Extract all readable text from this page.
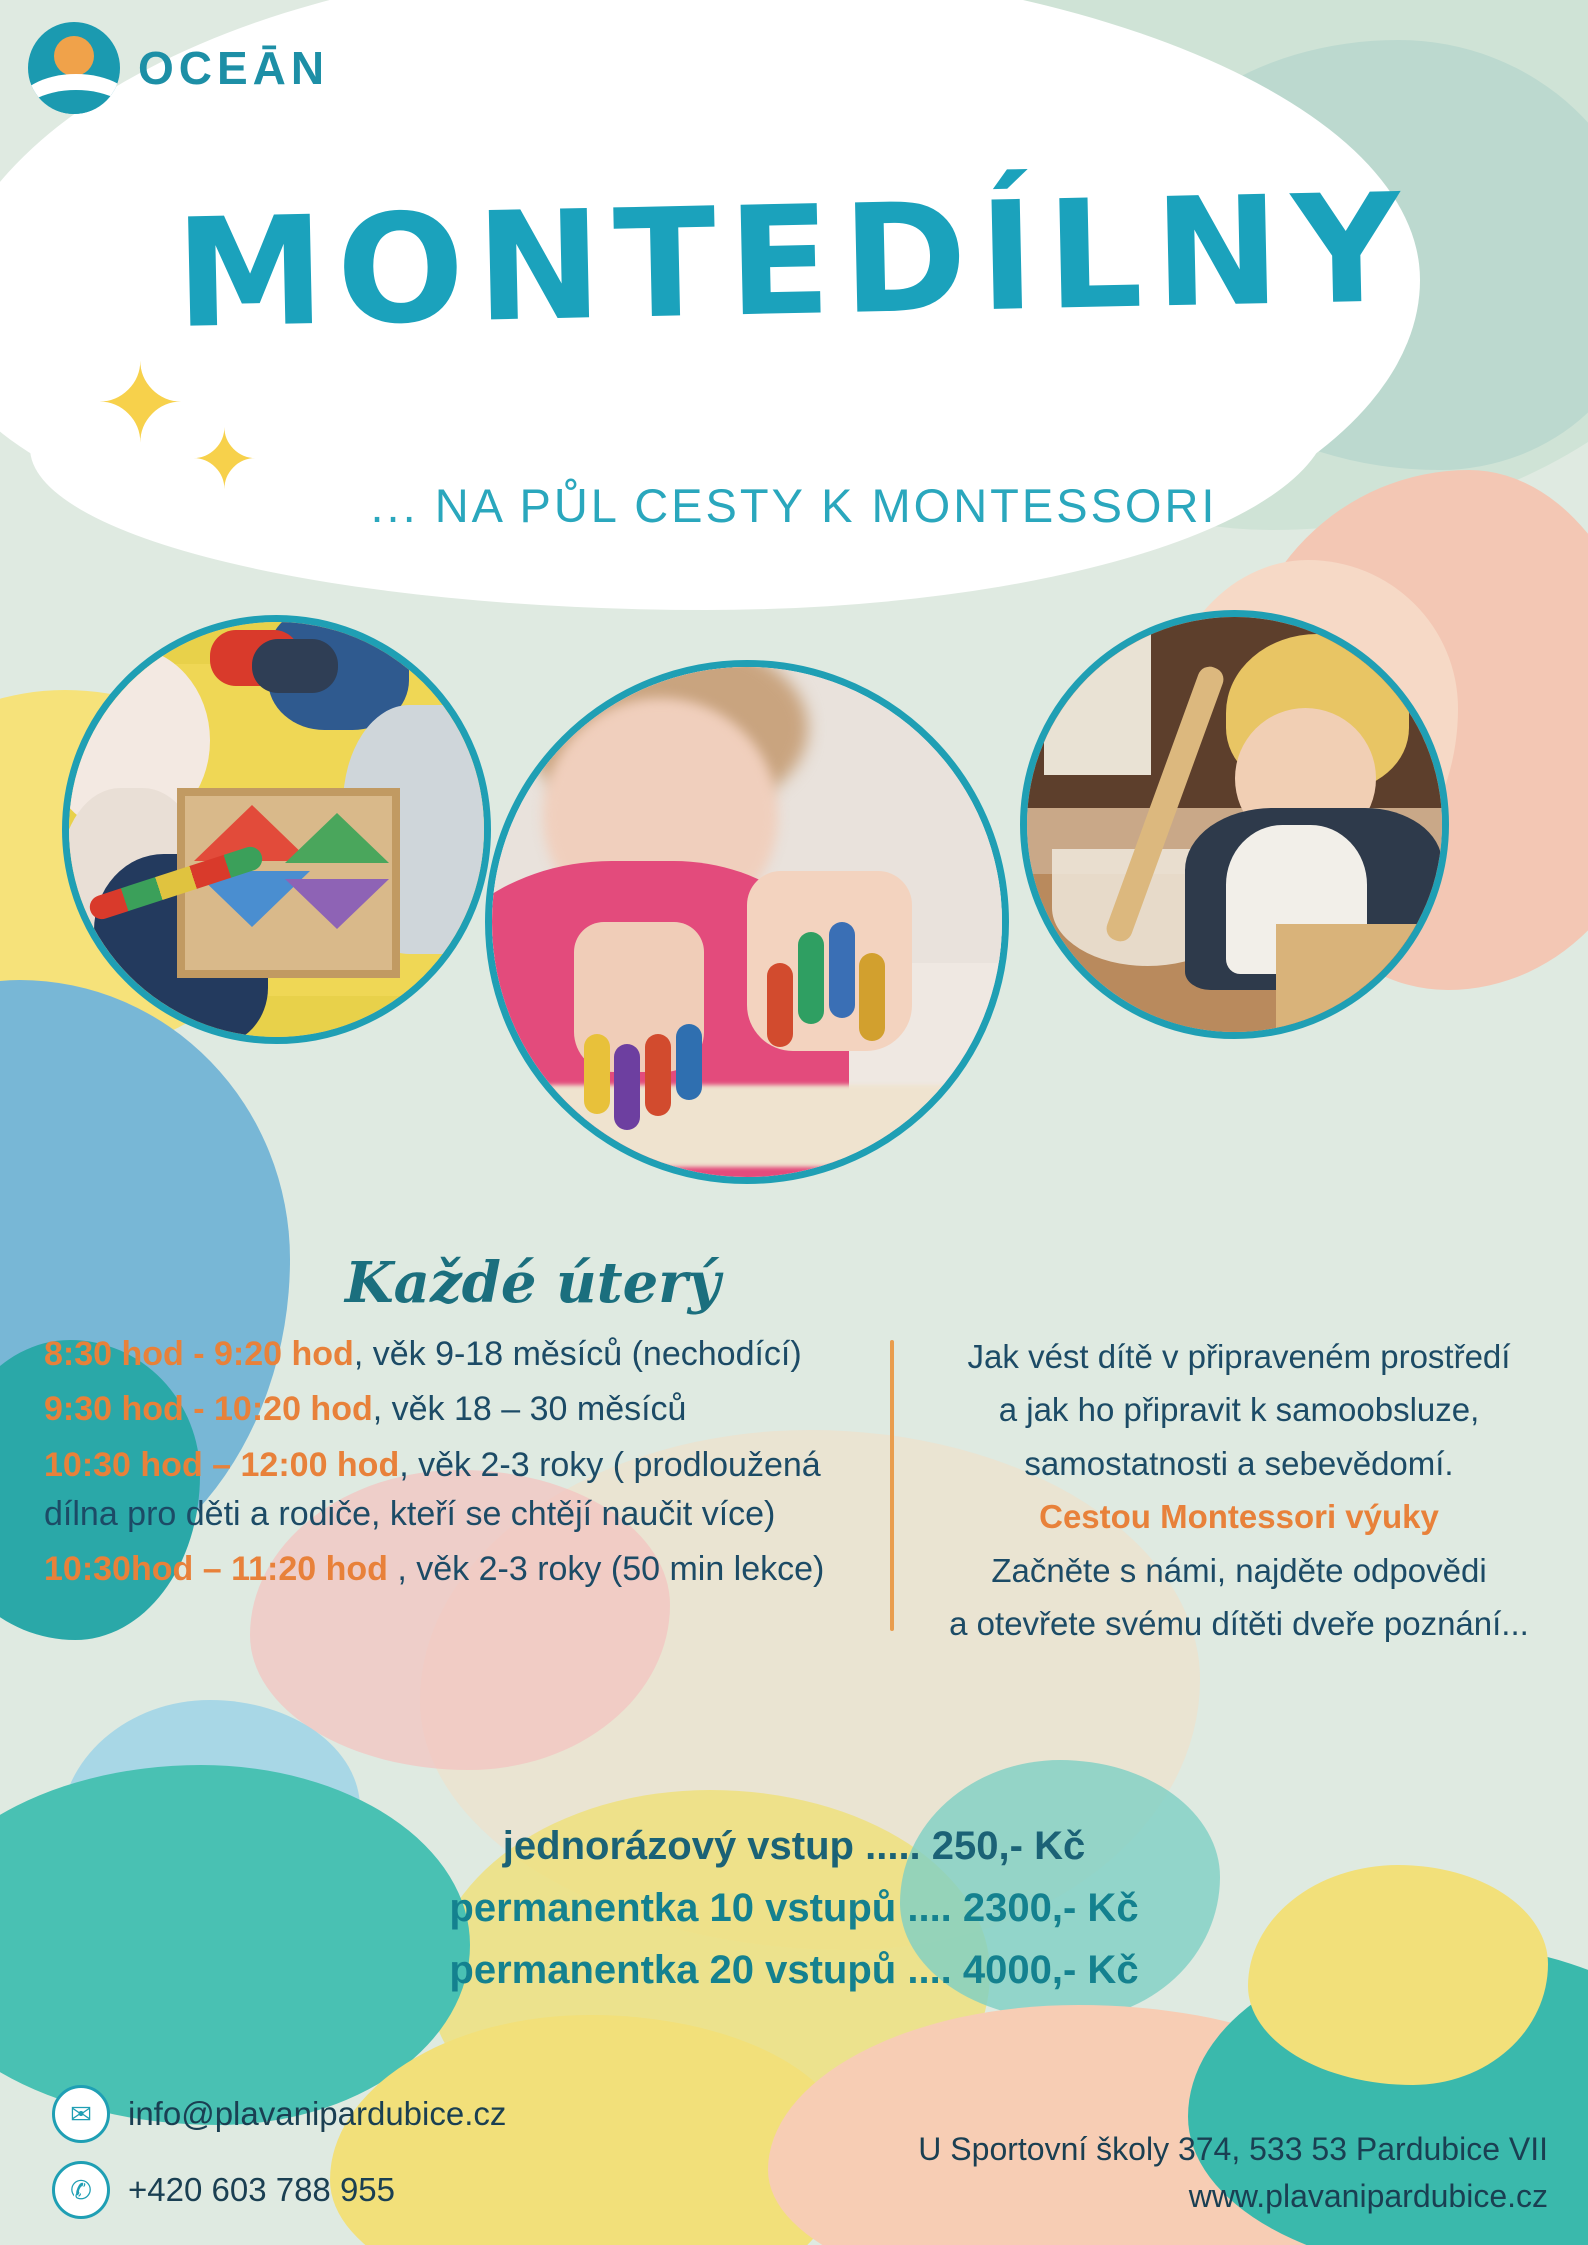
✦ ✦
OCEĀN
MONTEDÍLNY
... NA PŮL CESTY K MONTESSORI
Každé úterý
8:30 hod - 9:20 hod, věk 9-18 měsíců (nechodící)
9:30 hod - 10:20 hod, věk 18 – 30 měsíců
10:30 hod – 12:00 hod, věk 2-3 roky ( prodloužená dílna pro děti a rodiče, kteří se chtějí naučit více)
10:30hod – 11:20 hod , věk 2-3 roky (50 min lekce)
Jak vést dítě v připraveném prostředí
a jak ho připravit k samoobsluze,
samostatnosti a sebevědomí.
Cestou Montessori výuky
Začněte s námi, najděte odpovědi
a otevřete svému dítěti dveře poznání...
jednorázový vstup ..... 250,- Kč
permanentka 10 vstupů .... 2300,- Kč
permanentka 20 vstupů .... 4000,- Kč
✉	info@plavanipardubice.cz
✆	+420 603 788 955
U Sportovní školy 374, 533 53 Pardubice VII
www.plavanipardubice.cz
